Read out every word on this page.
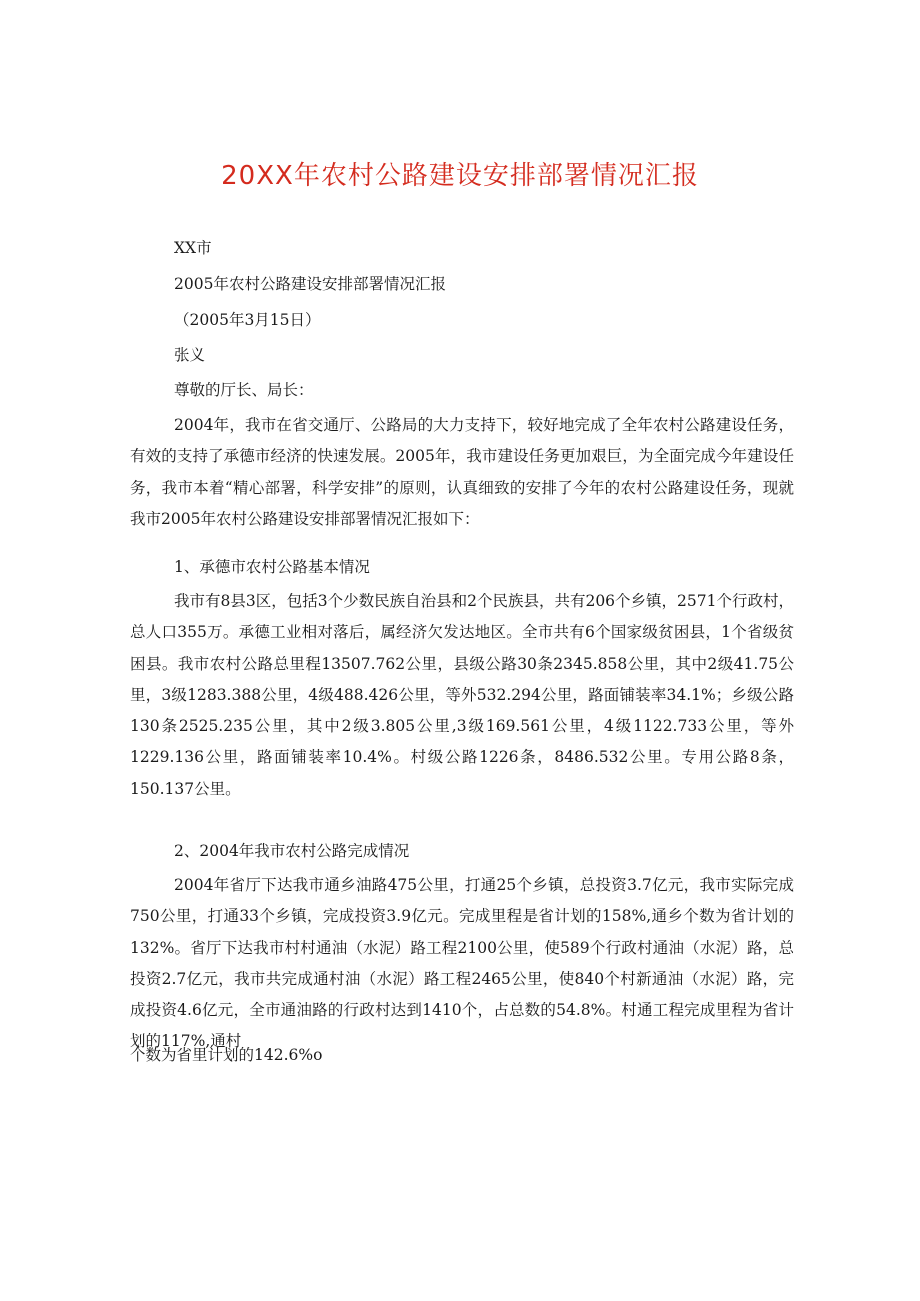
20XX年农村公路建设安排部署情况汇报
XX市
2005年农村公路建设安排部署情况汇报
（2005年3月15日）
张义
尊敬的厅长、局长：
2004年，我市在省交通厅、公路局的大力支持下，较好地完成了全年农村公路建设任务，有效的支持了承德市经济的快速发展。2005年，我市建设任务更加艰巨，为全面完成今年建设任务，我市本着“精心部署，科学安排”的原则，认真细致的安排了今年的农村公路建设任务，现就我市2005年农村公路建设安排部署情况汇报如下：
1、承德市农村公路基本情况
我市有8县3区，包括3个少数民族自治县和2个民族县，共有206个乡镇，2571个行政村，总人口355万。承德工业相对落后，属经济欠发达地区。全市共有6个国家级贫困县，1个省级贫困县。我市农村公路总里程13507.762公里，县级公路30条2345.858公里，其中2级41.75公里，3级1283.388公里，4级488.426公里，等外532.294公里，路面铺装率34.1%；乡级公路130条2525.235公里，其中2级3.805公里,3级169.561公里，4级1122.733公里，等外1229.136公里，路面铺装率10.4%。村级公路1226条，8486.532公里。专用公路8条，150.137公里。
2、2004年我市农村公路完成情况
2004年省厅下达我市通乡油路475公里，打通25个乡镇，总投资3.7亿元，我市实际完成750公里，打通33个乡镇，完成投资3.9亿元。完成里程是省计划的158%,通乡个数为省计划的132%。省厅下达我市村村通油（水泥）路工程2100公里，使589个行政村通油（水泥）路，总投资2.7亿元，我市共完成通村油（水泥）路工程2465公里，使840个村新通油（水泥）路，完成投资4.6亿元，全市通油路的行政村达到1410个，占总数的54.8%。村通工程完成里程为省计划的117%,通村
个数为省里计划的142.6%o
